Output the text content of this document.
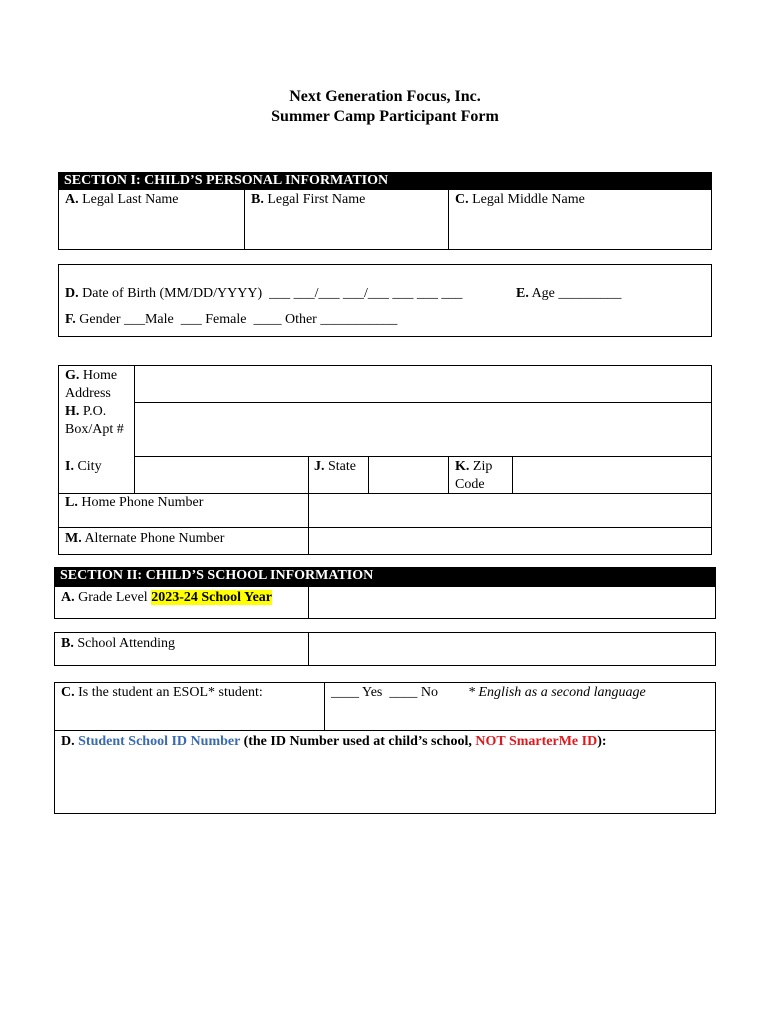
Next Generation Focus, Inc.
Summer Camp Participant Form
SECTION I: CHILD’S PERSONAL INFORMATION
A. Legal Last Name	B. Legal First Name	C. Legal Middle Name
D. Date of Birth (MM/DD/YYYY)  ___ ___/___ ___/___ ___ ___ ___	E. Age _________
F. Gender ___Male  ___ Female  ____ Other ___________
G. Home Address
H. P.O. Box/Apt #
I. City	J. State	K. Zip Code
L. Home Phone Number
M. Alternate Phone Number
SECTION II: CHILD’S SCHOOL INFORMATION
A. Grade Level 2023-24 School Year
B. School Attending
C. Is the student an ESOL* student:	____ Yes  ____ No * English as a second language
D. Student School ID Number (the ID Number used at child’s school, NOT SmarterMe ID):
